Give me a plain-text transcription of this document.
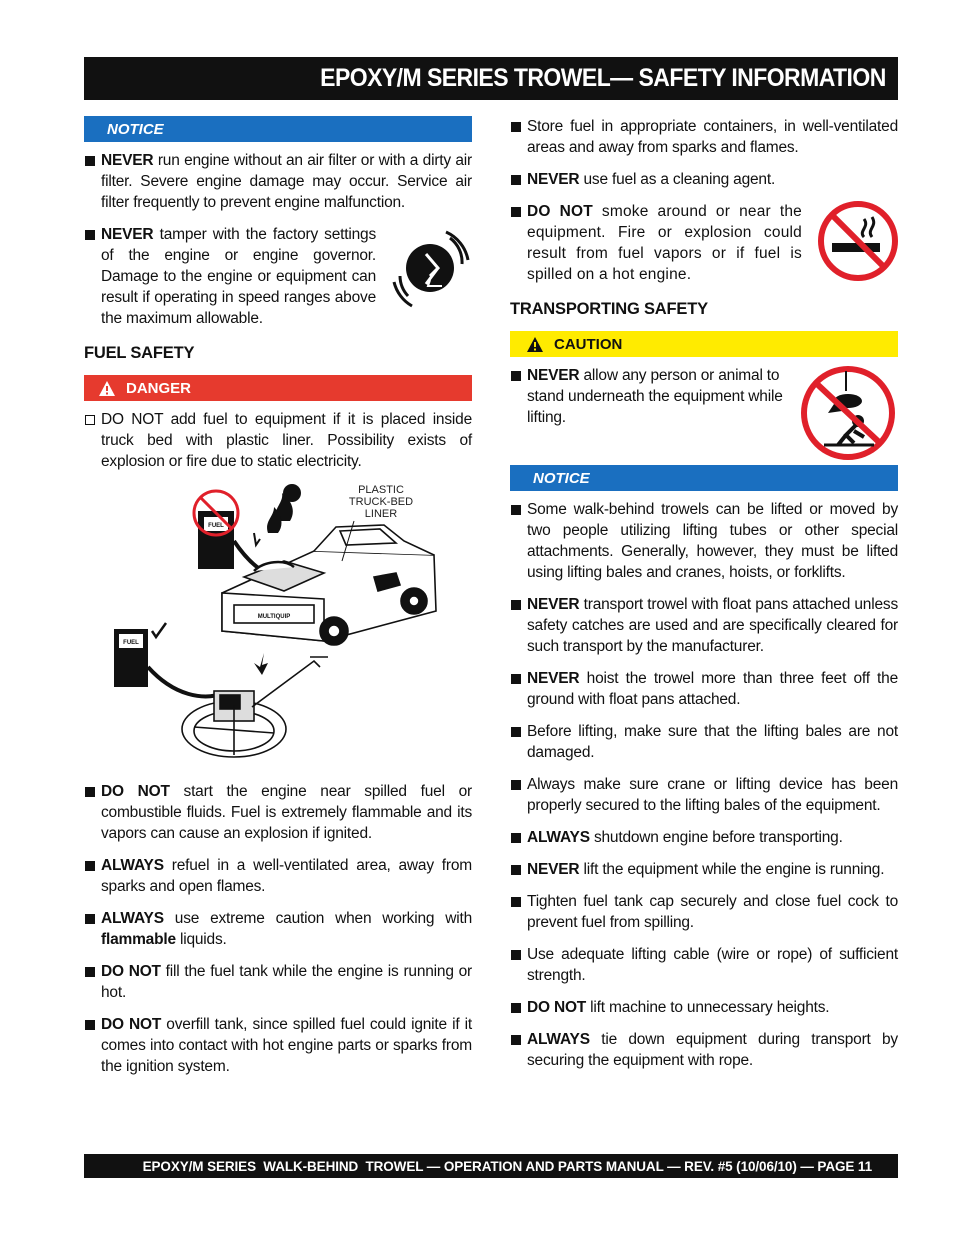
EPOXY/M SERIES TROWEL— SAFETY INFORMATION
NOTICE
NEVER run engine without an air filter or with a dirty air filter. Severe engine damage may occur. Service air filter frequently to prevent engine malfunction.
NEVER tamper with the factory settings of the engine or engine governor. Damage to the engine or equipment can result if operating in speed ranges above the maximum allowable.
FUEL SAFETY
DANGER
DO NOT add fuel to equipment if it is placed inside truck bed with plastic liner. Possibility exists of explosion or fire due to static electricity.
PLASTIC
TRUCK-BED
LINER
FUEL
MULTIQUIP
FUEL
DO NOT start the engine near spilled fuel or combustible fluids. Fuel is extremely flammable and its vapors can cause an explosion if ignited.
ALWAYS refuel in a well-ventilated area, away from sparks and open flames.
ALWAYS use extreme caution when working with flammable liquids.
DO NOT fill the fuel tank while the engine is running or hot.
DO NOT overfill tank, since spilled fuel could ignite if it comes into contact with hot engine parts or sparks from the ignition system.
Store fuel in appropriate containers, in well-ventilated areas and away from sparks and flames.
NEVER use fuel as a cleaning agent.
DO NOT smoke around or near the equipment. Fire or explosion could result from fuel vapors or if fuel is spilled on a hot engine.
TRANSPORTING SAFETY
CAUTION
NEVER allow any person or animal to stand underneath the equipment while lifting.
NOTICE
Some walk-behind trowels can be lifted or moved by two people utilizing lifting tubes or other special attachments. Generally, however, they must be lifted using lifting bales and cranes, hoists, or forklifts.
NEVER transport trowel with float pans attached unless safety catches are used and are specifically cleared for such transport by the manufacturer.
NEVER hoist the trowel more than three feet off the ground with float pans attached.
Before lifting, make sure that the lifting bales are not damaged.
Always make sure crane or lifting device has been properly secured to the lifting bales of the equipment.
ALWAYS shutdown engine before transporting.
NEVER lift the equipment while the engine is running.
Tighten fuel tank cap securely and close fuel cock to prevent fuel from spilling.
Use adequate lifting cable (wire or rope) of sufficient strength.
DO NOT lift machine to unnecessary heights.
ALWAYS tie down equipment during transport by securing the equipment with rope.
EPOXY/M SERIES  WALK-BEHIND  TROWEL — OPERATION AND PARTS MANUAL — REV. #5 (10/06/10) — PAGE 11
